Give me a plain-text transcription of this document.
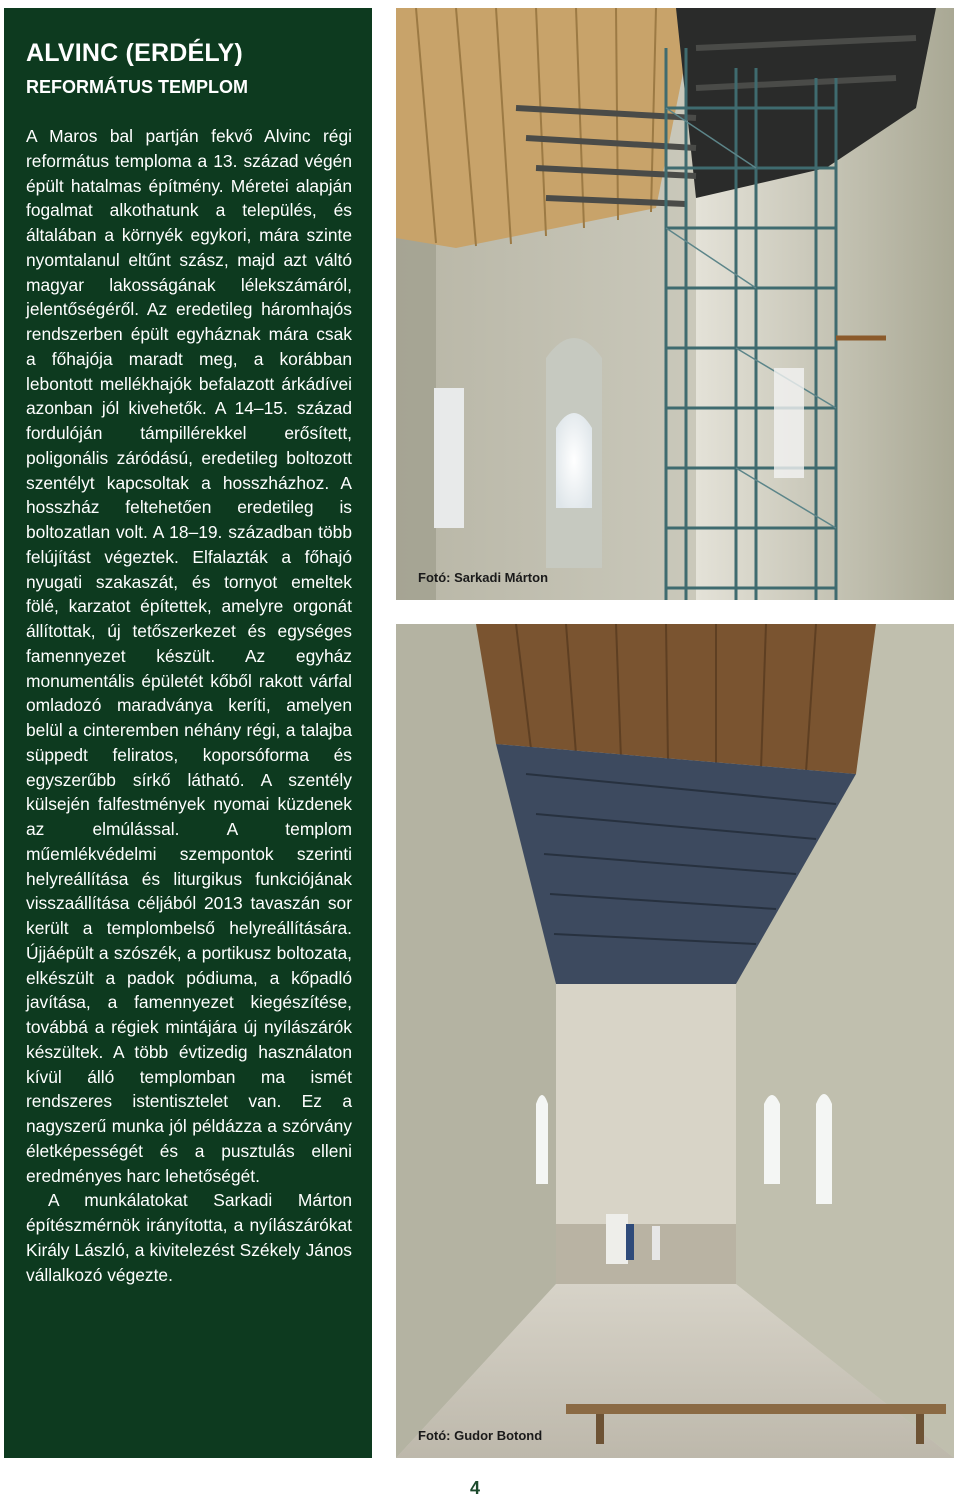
ALVINC (ERDÉLY)
REFORMÁTUS TEMPLOM

A Maros bal partján fekvő Alvinc régi református temploma a 13. század végén épült hatalmas építmény. Méretei alapján fogalmat alkothatunk a település, és általában a környék egykori, mára szinte nyomtalanul eltűnt szász, majd azt váltó magyar lakosságának lélekszámáról, jelentőségéről. Az eredetileg háromhajós rendszerben épült egyháznak mára csak a főhajója maradt meg, a korábban lebontott mellékhajók befalazott árkádívei azonban jól kivehetők. A 14–15. század fordulóján támpillérekkel erősített, poligonális záródású, eredetileg boltozott szentélyt kapcsoltak a hosszházhoz. A hosszház feltehetően eredetileg is boltozatlan volt. A 18–19. században több felújítást végeztek. Elfalazták a főhajó nyugati szakaszát, és tornyot emeltek fölé, karzatot építettek, amelyre orgonát állítottak, új tetőszerkezet és egységes famennyezet készült. Az egyház monumentális épületét kőből rakott várfal omladozó maradványa keríti, amelyen belül a cinteremben néhány régi, a talajba süppedt feliratos, koporsóforma és egyszerűbb sírkő látható. A szentély külsején falfestmények nyomai küzdenek az elmúlással. A templom műemlékvédelmi szempontok szerinti helyreállítása és liturgikus funkciójának visszaállítása céljából 2013 tavaszán sor került a templombelső helyreállítására. Újjáépült a szószék, a portikusz boltozata, elkészült a padok pódiuma, a kőpadló javítása, a famennyezet kiegészítése, továbbá a régiek mintájára új nyílászárók készültek. A több évtizedig használaton kívül álló templomban ma ismét rendszeres istentisztelet van. Ez a nagyszerű munka jól példázza a szórvány életképességét és a pusztulás elleni eredményes harc lehetőségét.

A munkálatokat Sarkadi Márton építészmérnök irányította, a nyílászárókat Király László, a kivitelezést Székely János vállalkozó végezte.

Fotó: Sarkadi Márton
Fotó: Gudor Botond
4
